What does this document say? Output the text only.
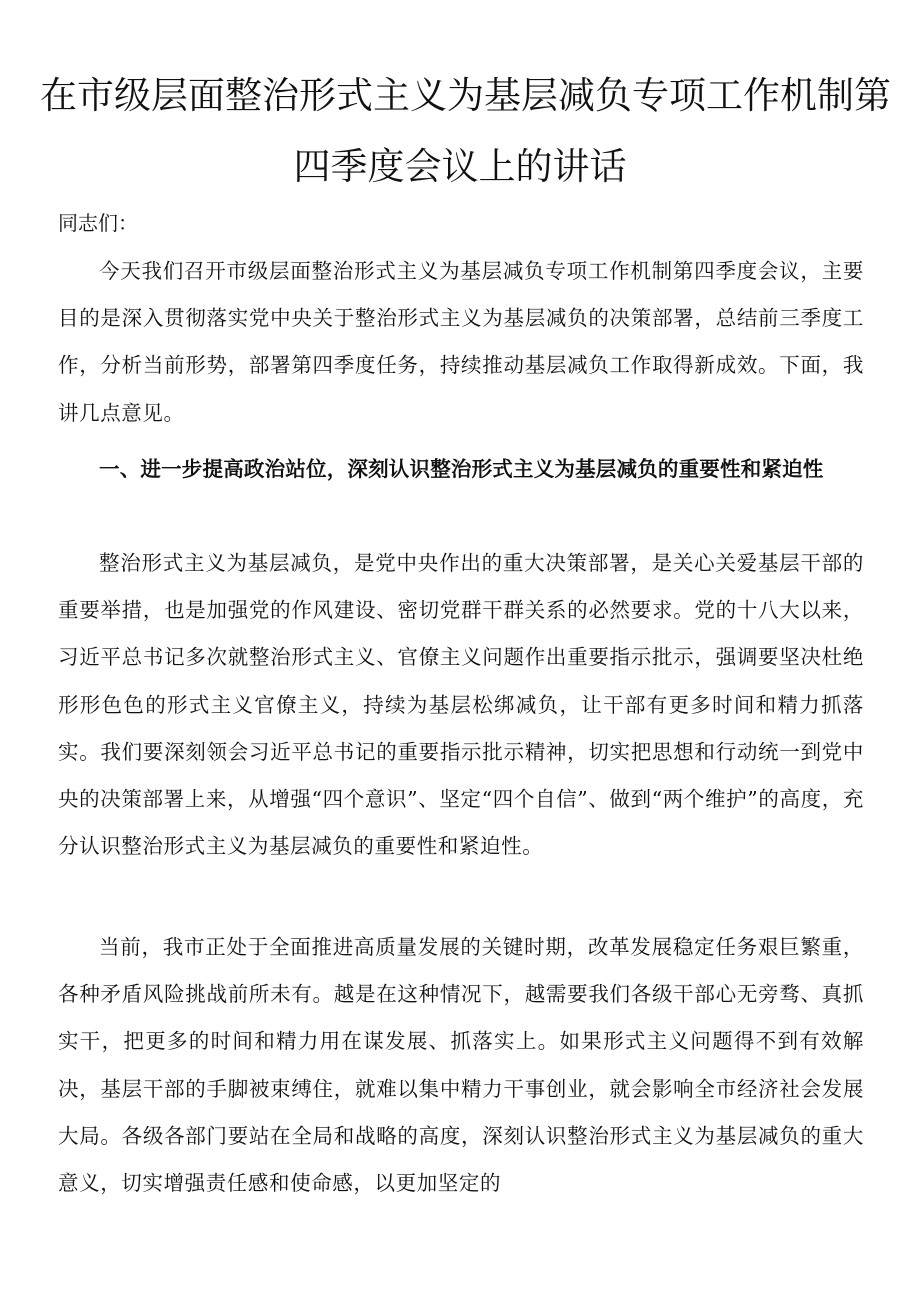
在市级层面整治形式主义为基层减负专项工作机制第
四季度会议上的讲话

同志们：

今天我们召开市级层面整治形式主义为基层减负专项工作机制第四季度会议，主要目的是深入贯彻落实党中央关于整治形式主义为基层减负的决策部署，总结前三季度工作，分析当前形势，部署第四季度任务，持续推动基层减负工作取得新成效。下面，我讲几点意见。

一、进一步提高政治站位，深刻认识整治形式主义为基层减负的重要性和紧迫性

整治形式主义为基层减负，是党中央作出的重大决策部署，是关心关爱基层干部的重要举措，也是加强党的作风建设、密切党群干群关系的必然要求。党的十八大以来，习近平总书记多次就整治形式主义、官僚主义问题作出重要指示批示，强调要坚决杜绝形形色色的形式主义官僚主义，持续为基层松绑减负，让干部有更多时间和精力抓落实。我们要深刻领会习近平总书记的重要指示批示精神，切实把思想和行动统一到党中央的决策部署上来，从增强“四个意识”、坚定“四个自信”、做到“两个维护”的高度，充分认识整治形式主义为基层减负的重要性和紧迫性。

当前，我市正处于全面推进高质量发展的关键时期，改革发展稳定任务艰巨繁重，各种矛盾风险挑战前所未有。越是在这种情况下，越需要我们各级干部心无旁骛、真抓实干，把更多的时间和精力用在谋发展、抓落实上。如果形式主义问题得不到有效解决，基层干部的手脚被束缚住，就难以集中精力干事创业，就会影响全市经济社会发展大局。各级各部门要站在全局和战略的高度，深刻认识整治形式主义为基层减负的重大意义，切实增强责任感和使命感，以更加坚定的
